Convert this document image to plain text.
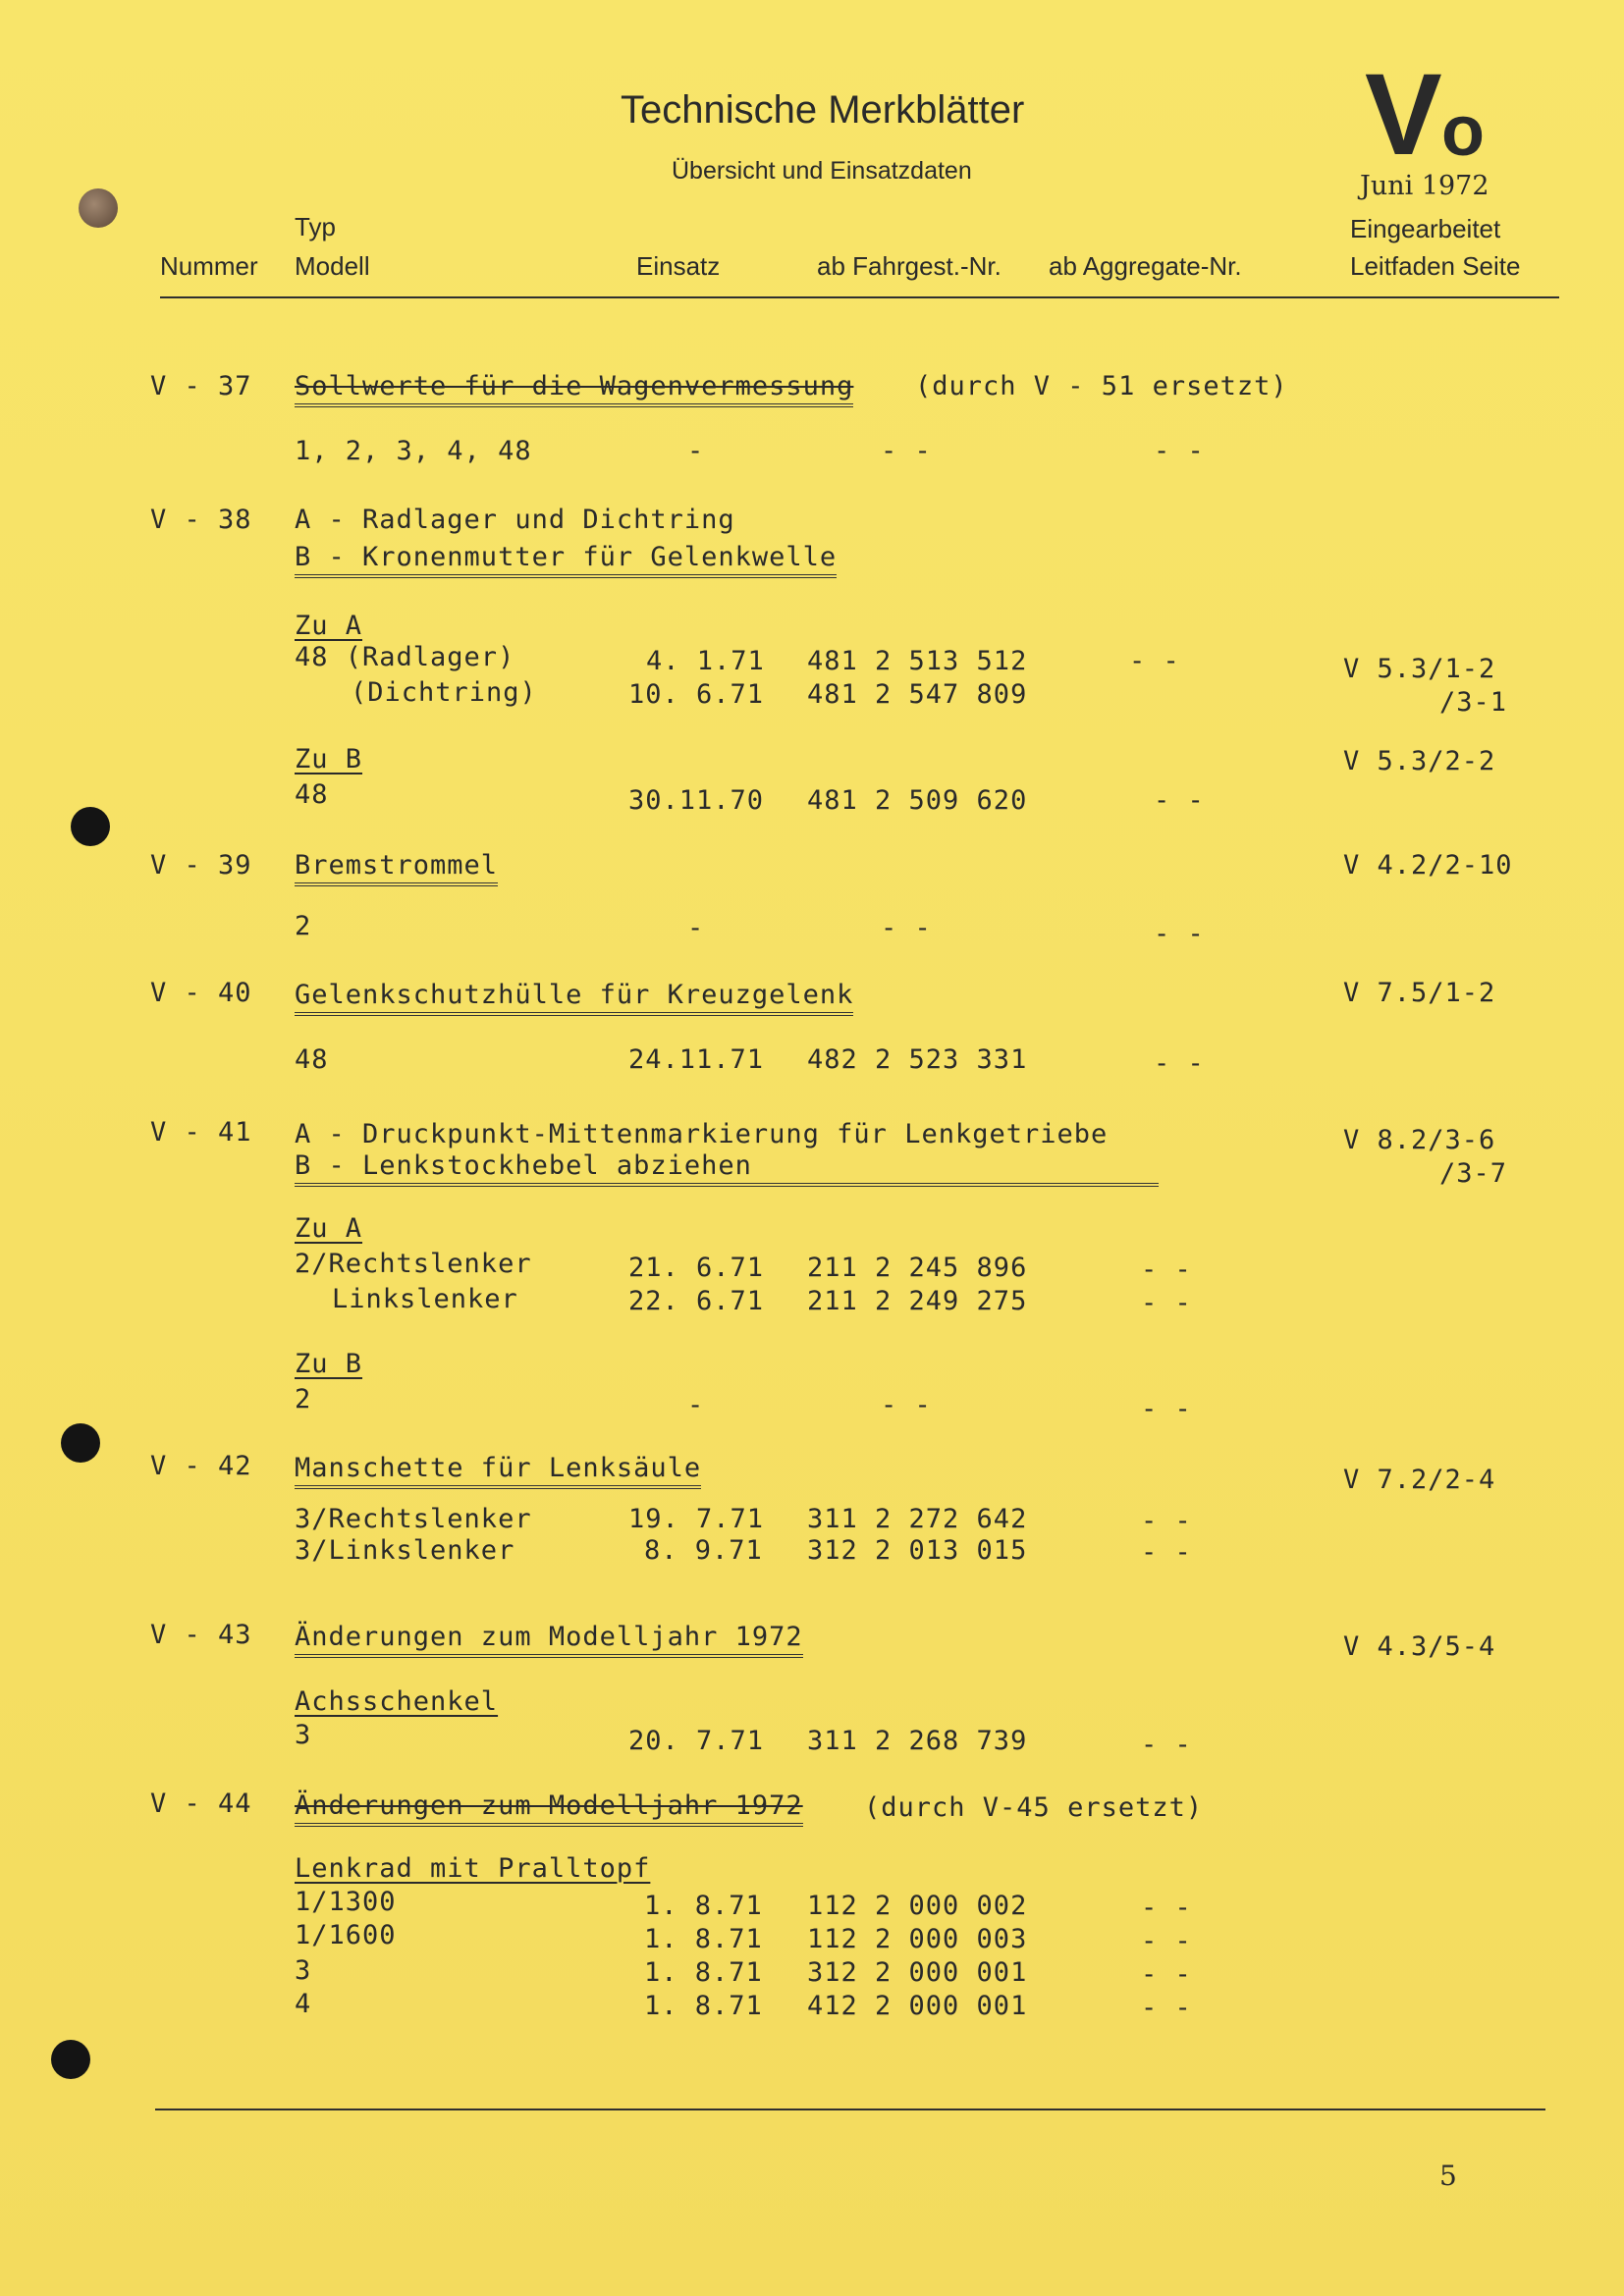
Technische Merkblätter
Übersicht und Einsatzdaten	V o
Juni 1972
Typ
Nummer Modell	Einsatz	ab Fahrgest.-Nr. ab Aggregate-Nr.
Eingearbeitet
Leitfaden Seite
V - 37 Sollwerte für die Wagenvermessung (durch V - 51 ersetzt)
1, 2, 3, 4, 48	-	- -	- -
V - 38 A - Radlager und Dichtring
B - Kronenmutter für Gelenkwelle
Zu A
48 (Radlager)	4. 1.71 481 2 513 512	- -	V 5.3/1-2
(Dichtring)	10. 6.71 481 2 547 809	/3-1
Zu B	V 5.3/2-2
48	30.11.70 481 2 509 620	- -
V - 39 Bremstrommel	V 4.2/2-10
2	-	- -	- -
V - 40 Gelenkschutzhülle für Kreuzgelenk	V 7.5/1-2
48	24.11.71 482 2 523 331	- -
V - 41 A - Druckpunkt-Mittenmarkierung für Lenkgetriebe	V 8.2/3-6
B - Lenkstockhebel abziehen	/3-7
Zu A
2/Rechtslenker	21. 6.71 211 2 245 896	- -
Linkslenker	22. 6.71 211 2 249 275	- -
Zu B
2	-	- -	- -
V - 42 Manschette für Lenksäule	V 7.2/2-4
3/Rechtslenker	19. 7.71 311 2 272 642	- -
3/Linkslenker	8. 9.71 312 2 013 015	- -
V - 43 Änderungen zum Modelljahr 1972	V 4.3/5-4
Achsschenkel
3	20. 7.71 311 2 268 739	- -
V - 44 Änderungen zum Modelljahr 1972 (durch V-45 ersetzt)
Lenkrad mit Pralltopf
1/1300	1. 8.71 112 2 000 002	- -
1/1600	1. 8.71 112 2 000 003	- -
3	1. 8.71 312 2 000 001	- -
4	1. 8.71 412 2 000 001	- -
5
